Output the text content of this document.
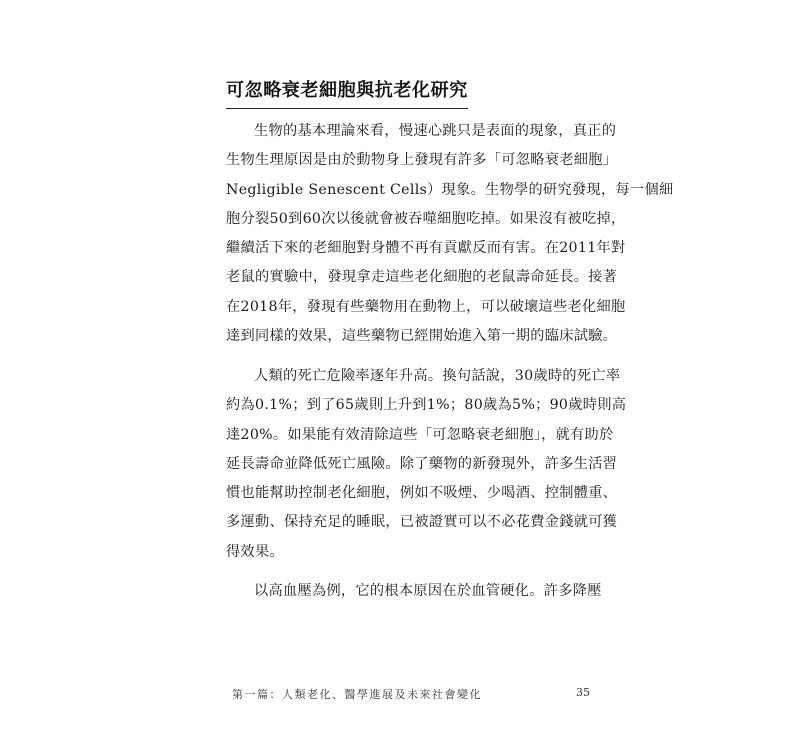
可忽略衰老細胞與抗老化研究

生物的基本理論來看，慢速心跳只是表面的現象，真正的
生物生理原因是由於動物身上發現有許多「可忽略衰老細胞」
Negligible Senescent Cells）現象。生物學的研究發現，每一個細
胞分裂50到60次以後就會被吞噬細胞吃掉。如果沒有被吃掉，
繼續活下來的老細胞對身體不再有貢獻反而有害。在2011年對
老鼠的實驗中，發現拿走這些老化細胞的老鼠壽命延長。接著
在2018年，發現有些藥物用在動物上，可以破壞這些老化細胞
達到同樣的效果，這些藥物已經開始進入第一期的臨床試驗。

人類的死亡危險率逐年升高。換句話說，30歲時的死亡率
約為0.1%；到了65歲則上升到1%；80歲為5%；90歲時則高
達20%。如果能有效清除這些「可忽略衰老細胞」，就有助於
延長壽命並降低死亡風險。除了藥物的新發現外，許多生活習
慣也能幫助控制老化細胞，例如不吸煙、少喝酒、控制體重、
多運動、保持充足的睡眠，已被證實可以不必花費金錢就可獲
得效果。

以高血壓為例，它的根本原因在於血管硬化。許多降壓

第一篇：人類老化、醫學進展及未來社會變化	35
